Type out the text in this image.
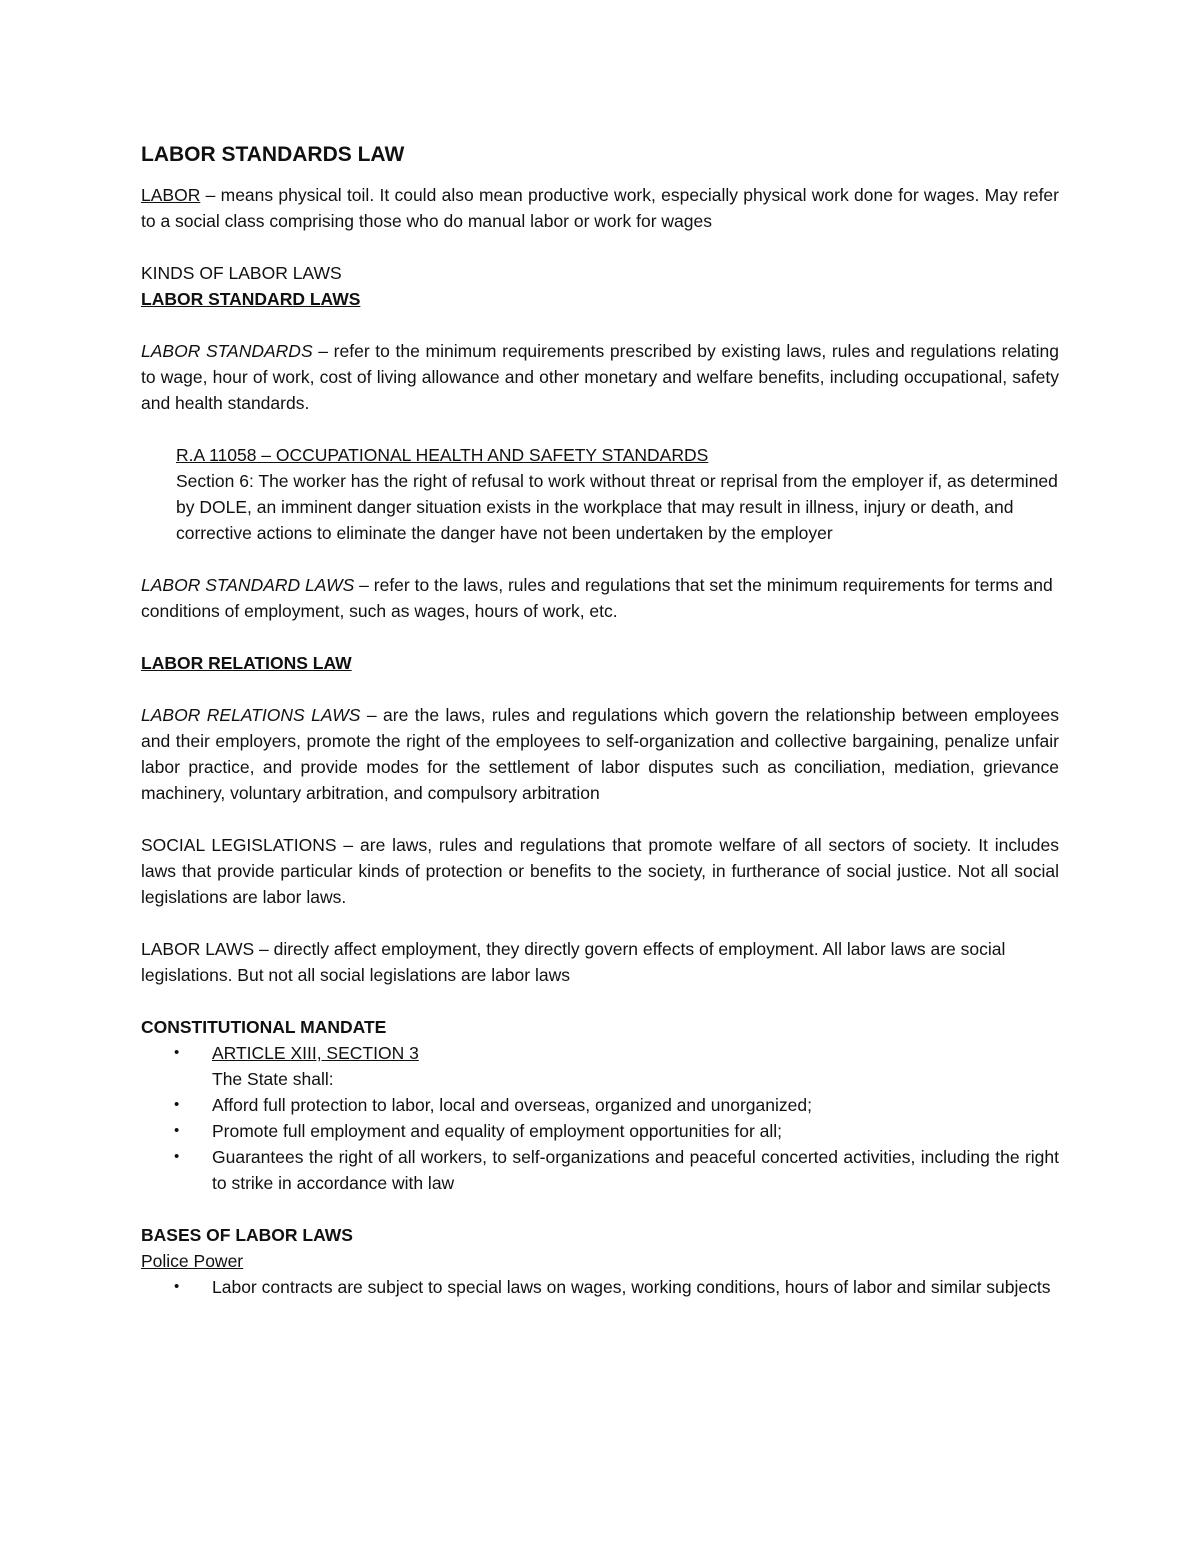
LABOR STANDARDS LAW

LABOR – means physical toil. It could also mean productive work, especially physical work done for wages. May refer to a social class comprising those who do manual labor or work for wages

KINDS OF LABOR LAWS

LABOR STANDARD LAWS

LABOR STANDARDS – refer to the minimum requirements prescribed by existing laws, rules and regulations relating to wage, hour of work, cost of living allowance and other monetary and welfare benefits, including occupational, safety and health standards.

R.A 11058 – OCCUPATIONAL HEALTH AND SAFETY STANDARDS

Section 6: The worker has the right of refusal to work without threat or reprisal from the employer if, as determined by DOLE, an imminent danger situation exists in the workplace that may result in illness, injury or death, and corrective actions to eliminate the danger have not been undertaken by the employer

LABOR STANDARD LAWS – refer to the laws, rules and regulations that set the minimum requirements for terms and conditions of employment, such as wages, hours of work, etc.

LABOR RELATIONS LAW

LABOR RELATIONS LAWS – are the laws, rules and regulations which govern the relationship between employees and their employers, promote the right of the employees to self-organization and collective bargaining, penalize unfair labor practice, and provide modes for the settlement of labor disputes such as conciliation, mediation, grievance machinery, voluntary arbitration, and compulsory arbitration

SOCIAL LEGISLATIONS – are laws, rules and regulations that promote welfare of all sectors of society. It includes laws that provide particular kinds of protection or benefits to the society, in furtherance of social justice. Not all social legislations are labor laws.

LABOR LAWS – directly affect employment, they directly govern effects of employment. All labor laws are social legislations. But not all social legislations are labor laws

CONSTITUTIONAL MANDATE

• ARTICLE XIII, SECTION 3
The State shall:
• Afford full protection to labor, local and overseas, organized and unorganized;
• Promote full employment and equality of employment opportunities for all;
• Guarantees the right of all workers, to self-organizations and peaceful concerted activities, including the right to strike in accordance with law

BASES OF LABOR LAWS

Police Power

• Labor contracts are subject to special laws on wages, working conditions, hours of labor and similar subjects
